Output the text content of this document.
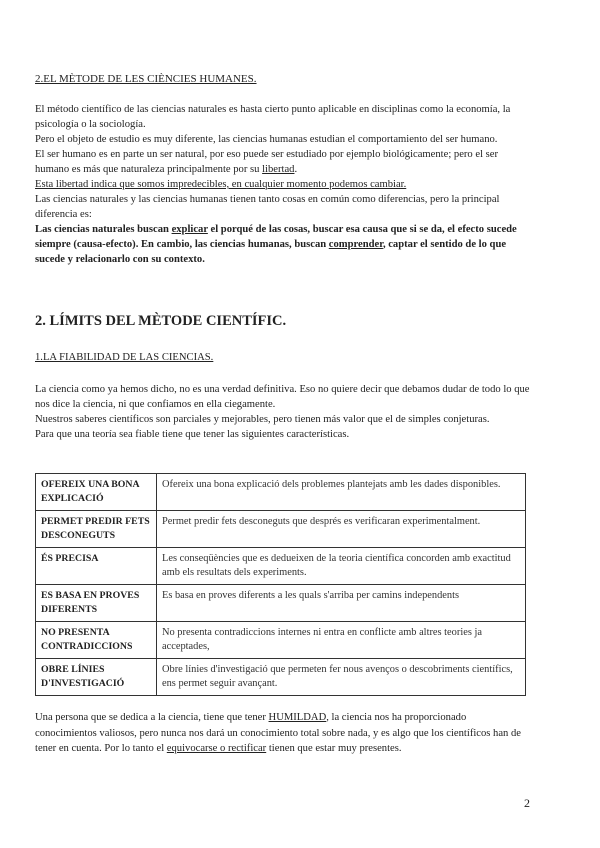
2.EL MÈTODE DE LES CIÈNCIES HUMANES.

El método científico de las ciencias naturales es hasta cierto punto aplicable en disciplinas como la economía, la psicología o la sociología.

Pero el objeto de estudio es muy diferente, las ciencias humanas estudian el comportamiento del ser humano.

El ser humano es en parte un ser natural, por eso puede ser estudiado por ejemplo biológicamente; pero el ser humano es más que naturaleza principalmente por su libertad.

Esta libertad indica que somos impredecibles, en cualquier momento podemos cambiar.

Las ciencias naturales y las ciencias humanas tienen tanto cosas en común como diferencias, pero la principal diferencia es:

Las ciencias naturales buscan explicar el porqué de las cosas, buscar esa causa que si se da, el efecto sucede siempre (causa-efecto). En cambio, las ciencias humanas, buscan comprender, captar el sentido de lo que sucede y relacionarlo con su contexto.

2. LÍMITS DEL MÈTODE CIENTÍFIC.
1.LA FIABILIDAD DE LAS CIENCIAS.

La ciencia como ya hemos dicho, no es una verdad definitiva. Eso no quiere decir que debamos dudar de todo lo que nos dice la ciencia, ni que confiamos en ella ciegamente.

Nuestros saberes científicos son parciales y mejorables, pero tienen más valor que el de simples conjeturas.

Para que una teoría sea fiable tiene que tener las siguientes características.

OFEREIX UNA BONA EXPLICACIÓ	Ofereix una bona explicació dels problemes plantejats amb les dades disponibles.
PERMET PREDIR FETS DESCONEGUTS	Permet predir fets desconeguts que després es verificaran experimentalment.
ÉS PRECISA	Les conseqüències que es dedueixen de la teoria científica concorden amb exactitud amb els resultats dels experiments.
ES BASA EN PROVES DIFERENTS	Es basa en proves diferents a les quals s'arriba per camins independents
NO PRESENTA CONTRADICCIONS	No presenta contradiccions internes ni entra en conflicte amb altres teories ja acceptades,
OBRE LÍNIES D'INVESTIGACIÓ	Obre línies d'investigació que permeten fer nous avenços o descobriments científics, ens permet seguir avançant.

Una persona que se dedica a la ciencia, tiene que tener HUMILDAD, la ciencia nos ha proporcionado conocimientos valiosos, pero nunca nos dará un conocimiento total sobre nada, y es algo que los científicos han de tener en cuenta. Por lo tanto el equivocarse o rectificar tienen que estar muy presentes.

2
